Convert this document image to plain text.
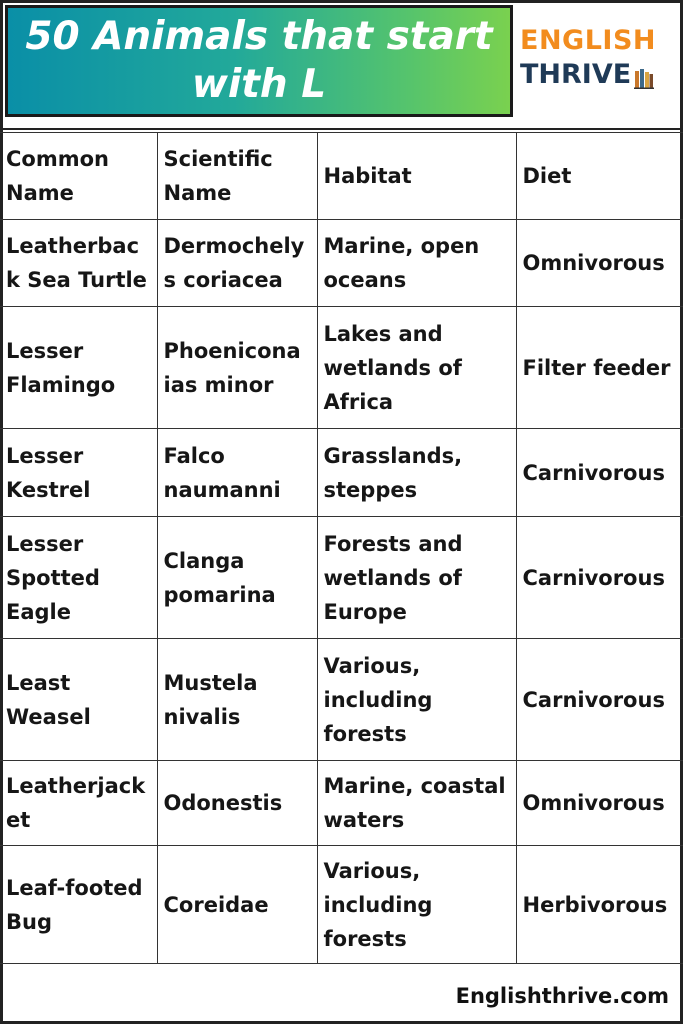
50 Animals that start with L
ENGLISH
THRIVE
Common Name	Scientific Name	Habitat	Diet
Leatherback Sea Turtle	Dermochelys coriacea	Marine, open oceans	Omnivorous
Lesser Flamingo	Phoenicona ias minor	Lakes and wetlands of Africa	Filter feeder
Lesser Kestrel	Falco naumanni	Grasslands, steppes	Carnivorous
Lesser Spotted Eagle	Clanga pomarina	Forests and wetlands of Europe	Carnivorous
Least Weasel	Mustela nivalis	Various, including forests	Carnivorous
Leatherjacket	Odonestis	Marine, coastal waters	Omnivorous
Leaf-footed Bug	Coreidae	Various, including forests	Herbivorous
Englishthrive.com
